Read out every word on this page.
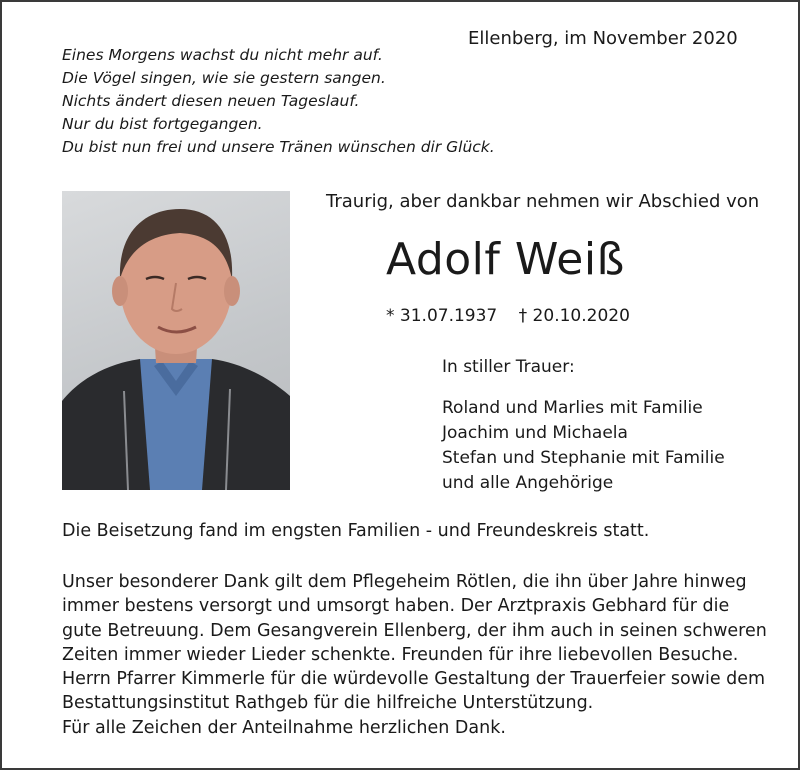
Ellenberg, im November 2020
Eines Morgens wachst du nicht mehr auf.
Die Vögel singen, wie sie gestern sangen.
Nichts ändert diesen neuen Tageslauf.
Nur du bist fortgegangen.
Du bist nun frei und unsere Tränen wünschen dir Glück.
Traurig, aber dankbar nehmen wir Abschied von
Adolf Weiß
* 31.07.1937 † 20.10.2020
In stiller Trauer:
Roland und Marlies mit Familie
Joachim und Michaela
Stefan und Stephanie mit Familie
und alle Angehörige
Die Beisetzung fand im engsten Familien - und Freundeskreis statt.
Unser besonderer Dank gilt dem Pflegeheim Rötlen, die ihn über Jahre hinweg
immer bestens versorgt und umsorgt haben. Der Arztpraxis Gebhard für die
gute Betreuung. Dem Gesangverein Ellenberg, der ihm auch in seinen schweren
Zeiten immer wieder Lieder schenkte. Freunden für ihre liebevollen Besuche.
Herrn Pfarrer Kimmerle für die würdevolle Gestaltung der Trauerfeier sowie dem
Bestattungsinstitut Rathgeb für die hilfreiche Unterstützung.
Für alle Zeichen der Anteilnahme herzlichen Dank.
